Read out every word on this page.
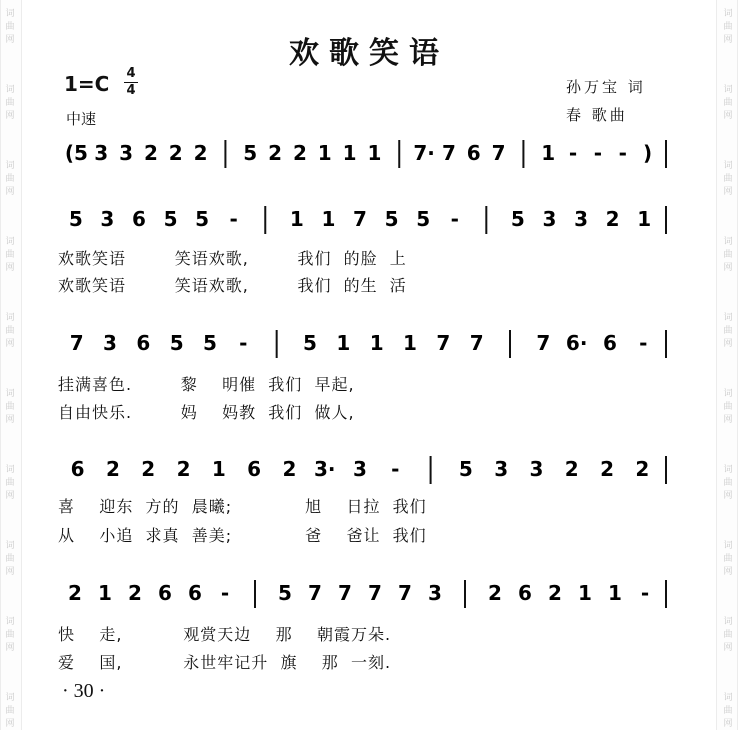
词
曲
网
词
曲
网
词
曲
网
词
曲
网
词
曲
网
词
曲
网
词
曲
网
词
曲
网
词
曲
网
词
曲
网
词
曲
网
词
曲
网
词
曲
网
词
曲
网
词
曲
网
词
曲
网
词
曲
网
词
曲
网
词
曲
网
词
曲
网
欢歌笑语
1=C	4
4
中速
孙万宝 词
春 歌曲
(5 3 3 2 2 2 5 2 2 1 1 1 7· 7 6 7 1 - - - )
5 3 6 5 5 -	1 1 7 5 5 -	5 3 3 2 1
7 3 6 5 5 -	5 1 1 1 7 7	7 6· 6 -
6 2 2 2 1 6 2 3· 3 -	5 3 3 2 2 2
2 1 2 6 6 - 5 7 7 7 7 3 2 6 2 1 1 -
欢歌笑语        笑语欢歌,        我们  的脸  上
欢歌笑语        笑语欢歌,        我们  的生  活
挂满喜色.        黎    明催  我们  早起,
自由快乐.        妈    妈教  我们  做人,
喜    迎东  方的  晨曦;            旭    日拉  我们
从    小追  求真  善美;            爸    爸让  我们
快    走,          观赏天边    那    朝霞万朵.
爱    国,          永世牢记升  旗    那  一刻.
· 30 ·
